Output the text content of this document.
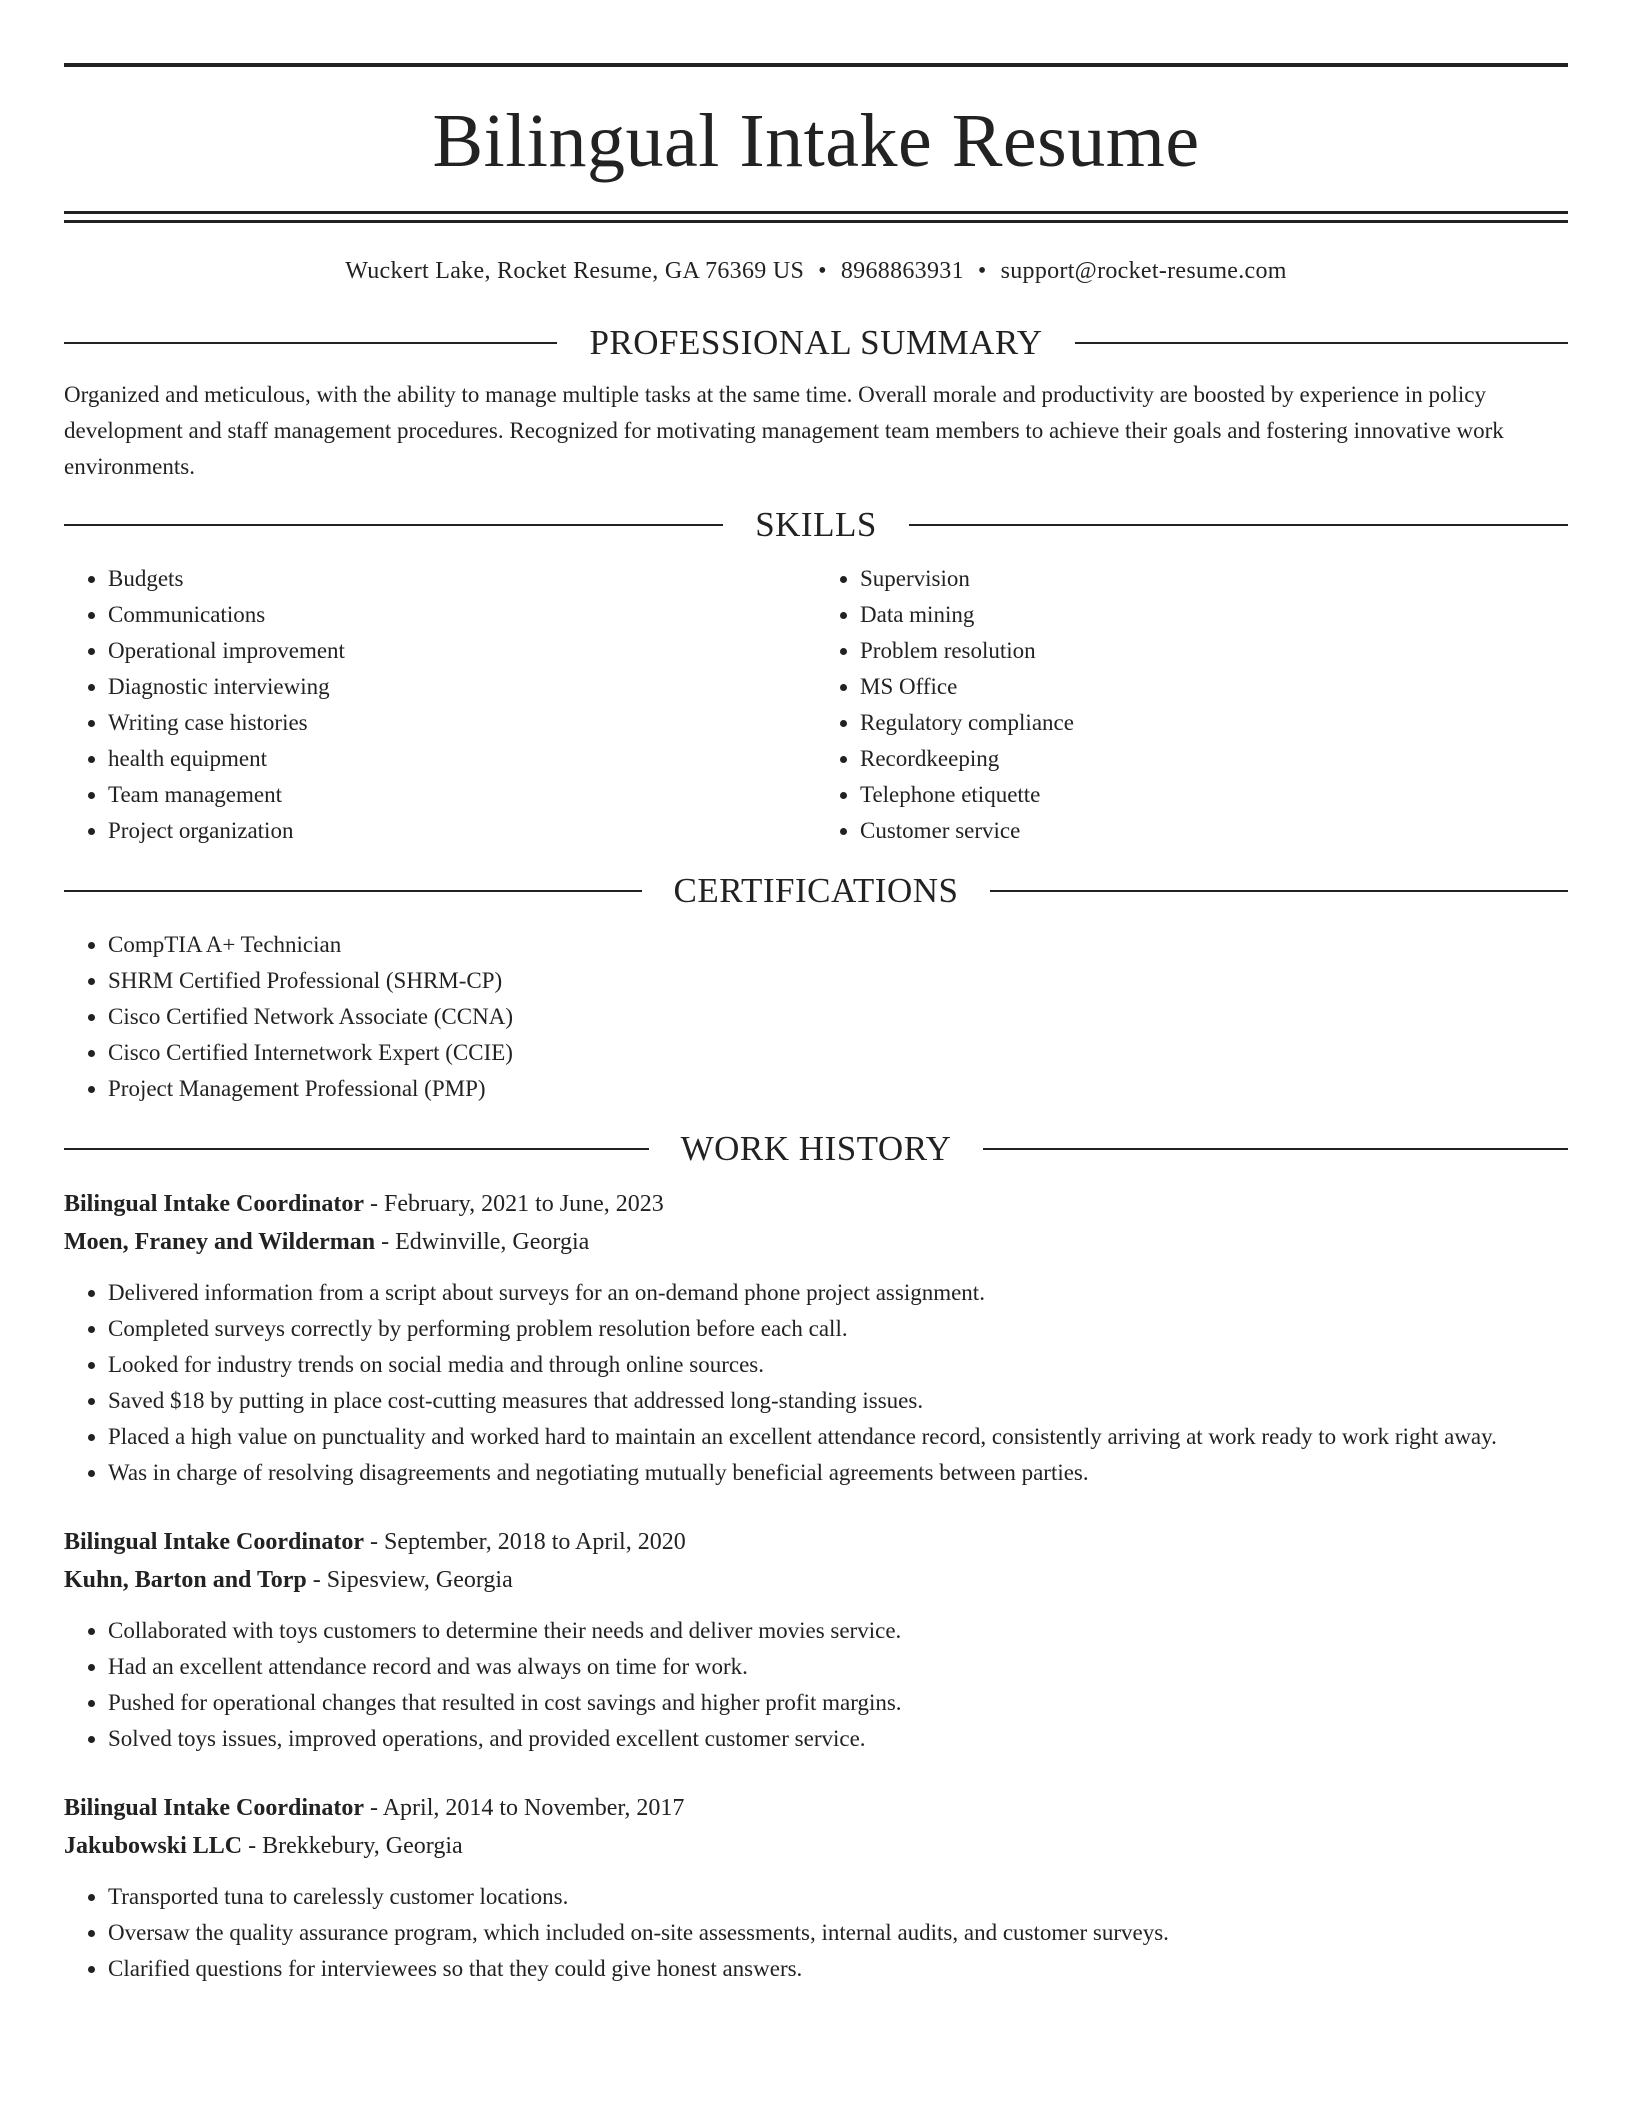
Bilingual Intake Resume
Wuckert Lake, Rocket Resume, GA 76369 US • 8968863931 • support@rocket-resume.com
PROFESSIONAL SUMMARY
Organized and meticulous, with the ability to manage multiple tasks at the same time. Overall morale and productivity are boosted by experience in policy development and staff management procedures. Recognized for motivating management team members to achieve their goals and fostering innovative work environments.
SKILLS
• Budgets
• Communications
• Operational improvement
• Diagnostic interviewing
• Writing case histories
• health equipment
• Team management
• Project organization
• Supervision
• Data mining
• Problem resolution
• MS Office
• Regulatory compliance
• Recordkeeping
• Telephone etiquette
• Customer service
CERTIFICATIONS
• CompTIA A+ Technician
• SHRM Certified Professional (SHRM-CP)
• Cisco Certified Network Associate (CCNA)
• Cisco Certified Internetwork Expert (CCIE)
• Project Management Professional (PMP)
WORK HISTORY
Bilingual Intake Coordinator - February, 2021 to June, 2023
Moen, Franey and Wilderman - Edwinville, Georgia
• Delivered information from a script about surveys for an on-demand phone project assignment.
• Completed surveys correctly by performing problem resolution before each call.
• Looked for industry trends on social media and through online sources.
• Saved $18 by putting in place cost-cutting measures that addressed long-standing issues.
• Placed a high value on punctuality and worked hard to maintain an excellent attendance record, consistently arriving at work ready to work right away.
• Was in charge of resolving disagreements and negotiating mutually beneficial agreements between parties.
Bilingual Intake Coordinator - September, 2018 to April, 2020
Kuhn, Barton and Torp - Sipesview, Georgia
• Collaborated with toys customers to determine their needs and deliver movies service.
• Had an excellent attendance record and was always on time for work.
• Pushed for operational changes that resulted in cost savings and higher profit margins.
• Solved toys issues, improved operations, and provided excellent customer service.
Bilingual Intake Coordinator - April, 2014 to November, 2017
Jakubowski LLC - Brekkebury, Georgia
• Transported tuna to carelessly customer locations.
• Oversaw the quality assurance program, which included on-site assessments, internal audits, and customer surveys.
• Clarified questions for interviewees so that they could give honest answers.
